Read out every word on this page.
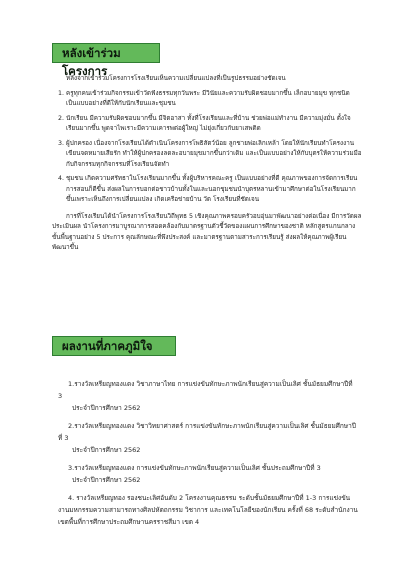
หลังเข้าร่วมโครงการ

หลังจากเข้าร่วมโครงการโรงเรียนเห็นความเปลี่ยนแปลงที่เป็นรูปธรรมอย่างชัดเจน

1. ครูทุกคนเข้าร่วมกิจกรรมเข้าวัดฟังธรรมทุกวันพระ มีวินัยและความรับผิดชอบมากขึ้น เล็กอบายมุข ทุกชนิด เป็นแบบอย่างที่ดีให้กับนักเรียนและชุมชน

2. นักเรียน มีความรับผิดชอบมากขึ้น มีจิตอาสา ทั้งที่โรงเรียนและที่บ้าน ช่วยพ่อแม่ทำงาน มีความมุ่งมั่น ตั้งใจเรียนมากขึ้น พูดจาไพเราะมีความเคารพต่อผู้ใหญ่ ไม่ยุ่งเกี่ยวกับยาเสพติด

3. ผู้ปกครอง เนื่องจากโรงเรียนได้ดำเนินโครงการโพธิสัตว์น้อย ลูกชายพ่อเลิกเหล้า โดยให้นักเรียนทำโครงงาน เขียนจดหมายเสียรัก ทำให้ผู้ปกครองลดละอบายมุขมากขึ้นกว่าเดิม และเป็นแบบอย่างให้กับบุตรให้ความร่วมมือกับกิจกรรมทุกกิจกรรมที่โรงเรียนจัดทำ

4. ชุมชน เกิดความศรัทธาในโรงเรียนมากขึ้น ทั้งผู้บริหารคณะครู เป็นแบบอย่างที่ดี คุณภาพของการจัดการเรียนการสอนก็ดีขึ้น ส่งผลในการบอกต่อชาวบ้านทั้งในและนอกชุมชนนำบุตรหลานเข้ามาศึกษาต่อในโรงเรียนมากขึ้นเพราะเห็นถึงการเปลี่ยนแปลง เกิดเครือข่ายบ้าน วัด โรงเรียนที่ชัดเจน

การที่โรงเรียนได้นำโครงการโรงเรียนวิถีพุทธ 5 เชิงคุณภาพครอบครัวอบอุ่นมาพัฒนาอย่างต่อเนื่อง มีการวัดผลประเมินผล นำโครงการมาบูรณาการสอดคล้องกับมาตรฐานตัวชี้วัดของแผนการศึกษาของชาติ หลักสูตรแกนกลางขั้นพื้นฐานอย่าง 5 ประการ คุณลักษณะที่พึงประสงค์ และมาตรฐานตามสาระการเรียนรู้ ส่งผลให้คุณภาพผู้เรียนพัฒนาขึ้น

ผลงานที่ภาคภูมิใจ

1.รางวัลเหรียญทองแดง วิชาภาษาไทย การแข่งขันทักษะภาพนักเรียนสู่ความเป็นเลิศ ชั้นมัธยมศึกษาปีที่ 3
ประจำปีการศึกษา 2562

2.รางวัลเหรียญทองแดง วิชาวิทยาศาสตร์ การแข่งขันทักษะภาพนักเรียนสู่ความเป็นเลิศ ชั้นมัธยมศึกษาปีที่ 3
ประจำปีการศึกษา 2562

3.รางวัลเหรียญทองแดง การแข่งขันทักษะภาพนักเรียนสู่ความเป็นเลิศ ชั้นประถมศึกษาปีที่ 3
ประจำปีการศึกษา 2562

4. รางวัลเหรียญทอง รองชนะเลิศอันดับ 2 โครงงานคุณธรรม ระดับชั้นมัธยมศึกษาปีที่ 1-3 การแข่งขันงานมหกรรมความสามารถทางศิลปหัตถกรรม วิชาการ และเทคโนโลยีของนักเรียน ครั้งที่ 68 ระดับสำนักงานเขตพื้นที่การศึกษาประถมศึกษานครราชสีมา เขต 4
